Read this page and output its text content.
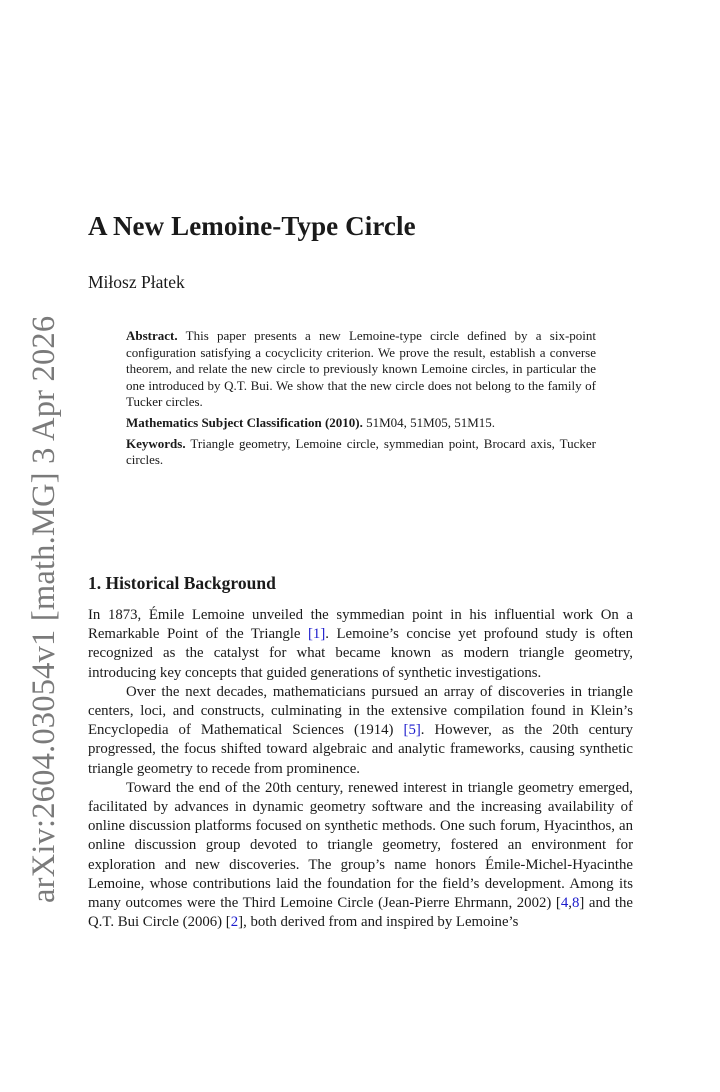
arXiv:2604.03054v1 [math.MG] 3 Apr 2026
A New Lemoine-Type Circle
Miłosz Płatek

Abstract. This paper presents a new Lemoine-type circle defined by a six-point configuration satisfying a cocyclicity criterion. We prove the result, establish a converse theorem, and relate the new circle to previously known Lemoine circles, in particular the one introduced by Q.T. Bui. We show that the new circle does not belong to the family of Tucker circles.

Mathematics Subject Classification (2010). 51M04, 51M05, 51M15.

Keywords. Triangle geometry, Lemoine circle, symmedian point, Brocard axis, Tucker circles.

1. Historical Background

In 1873, Émile Lemoine unveiled the symmedian point in his influential work On a Remarkable Point of the Triangle [1]. Lemoine’s concise yet profound study is often recognized as the catalyst for what became known as modern triangle geometry, introducing key concepts that guided generations of synthetic investigations.

Over the next decades, mathematicians pursued an array of discoveries in triangle centers, loci, and constructs, culminating in the extensive compilation found in Klein’s Encyclopedia of Mathematical Sciences (1914) [5]. However, as the 20th century progressed, the focus shifted toward algebraic and analytic frameworks, causing synthetic triangle geometry to recede from prominence.

Toward the end of the 20th century, renewed interest in triangle geometry emerged, facilitated by advances in dynamic geometry software and the increasing availability of online discussion platforms focused on synthetic methods. One such forum, Hyacinthos, an online discussion group devoted to triangle geometry, fostered an environment for exploration and new discoveries. The group’s name honors Émile-Michel-Hyacinthe Lemoine, whose contributions laid the foundation for the field’s development. Among its many outcomes were the Third Lemoine Circle (Jean-Pierre Ehrmann, 2002) [4,8] and the Q.T. Bui Circle (2006) [2], both derived from and inspired by Lemoine’s
